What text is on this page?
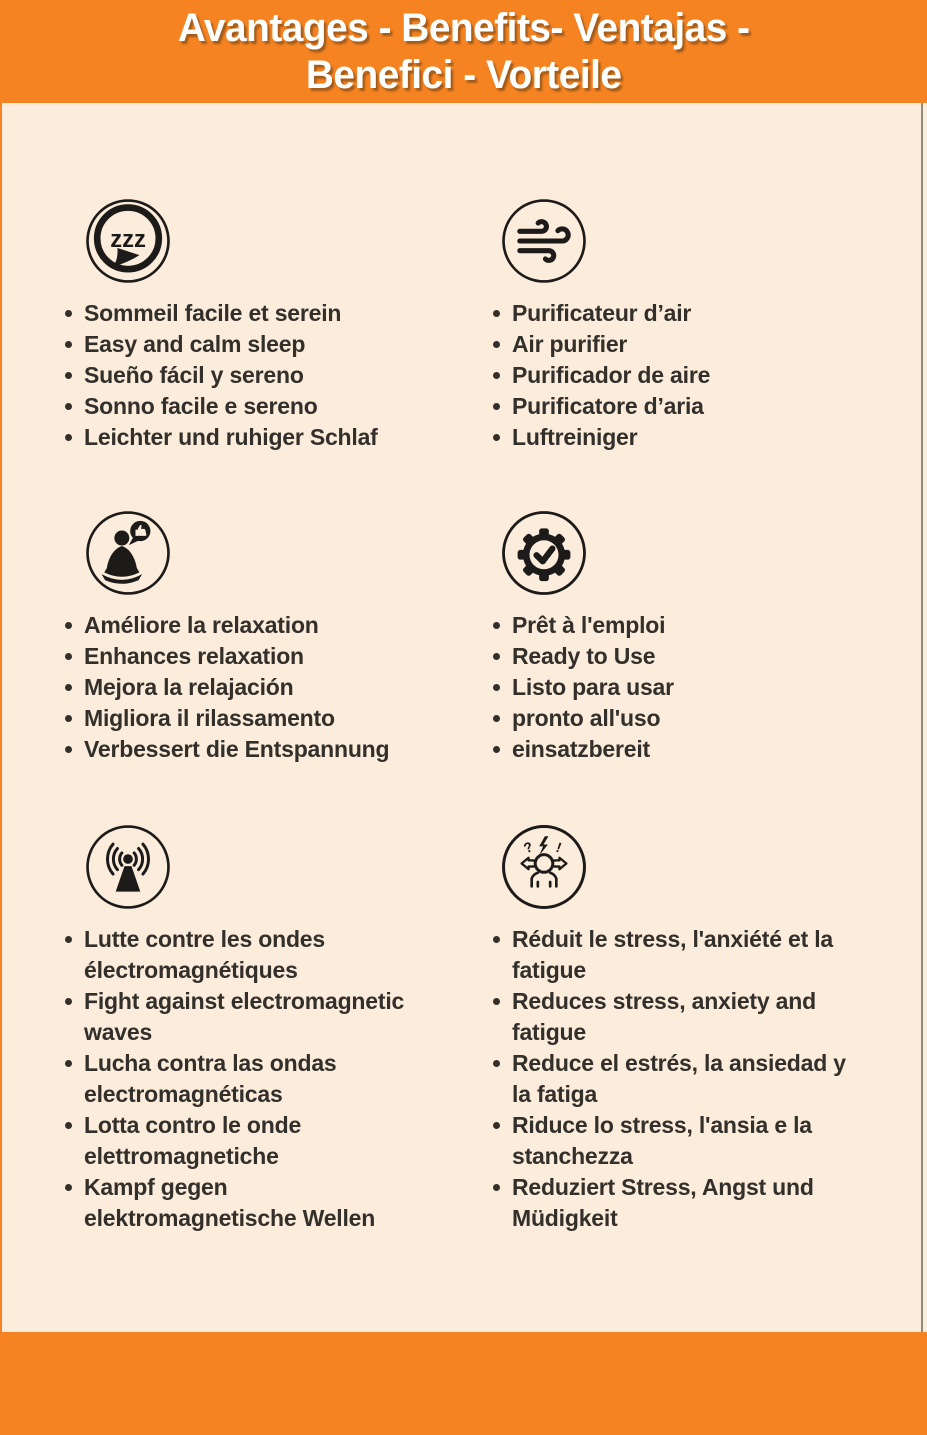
Avantages - Benefits- Ventajas -
Benefici - Vorteile
zzz
Sommeil facile et serein
Easy and calm sleep
Sueño fácil y sereno
Sonno facile e sereno
Leichter und ruhiger Schlaf
Purificateur d’air
Air purifier
Purificador de aire
Purificatore d’aria
Luftreiniger
Améliore la relaxation
Enhances relaxation
Mejora la relajación
Migliora il rilassamento
Verbessert die Entspannung
Prêt à l'emploi
Ready to Use
Listo para usar
pronto all'uso
einsatzbereit
Lutte contre les ondes électromagnétiques
Fight against electromagnetic waves
Lucha contra las ondas electromagnéticas
Lotta contro le onde elettromagnetiche
Kampf gegen elektromagnetische Wellen
? !
Réduit le stress, l'anxiété et la fatigue
Reduces stress, anxiety and fatigue
Reduce el estrés, la ansiedad y la fatiga
Riduce lo stress, l'ansia e la stanchezza
Reduziert Stress, Angst und Müdigkeit
